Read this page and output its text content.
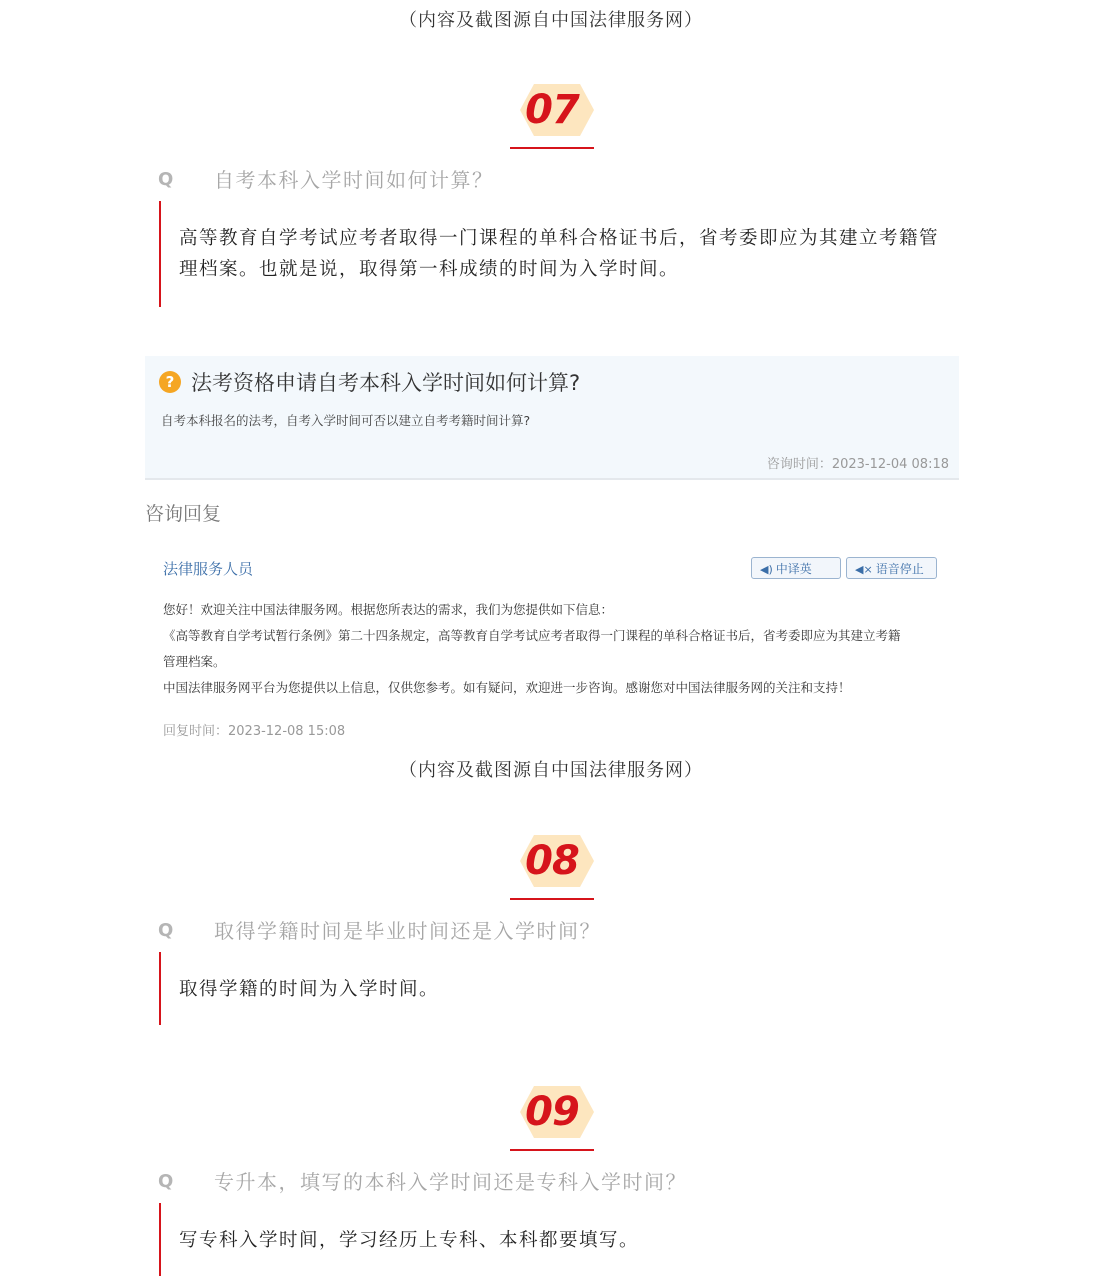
（内容及截图源自中国法律服务网）
07
Q 自考本科入学时间如何计算？
高等教育自学考试应考者取得一门课程的单科合格证书后，省考委即应为其建立考籍管理档案。也就是说，取得第一科成绩的时间为入学时间。
? 法考资格申请自考本科入学时间如何计算?
自考本科报名的法考，自考入学时间可否以建立自考考籍时间计算?
咨询时间：2023-12-04 08:18
咨询回复
法律服务人员	◀) 中译英	◀× 语音停止
您好！欢迎关注中国法律服务网。根据您所表达的需求，我们为您提供如下信息：
《高等教育自学考试暂行条例》第二十四条规定，高等教育自学考试应考者取得一门课程的单科合格证书后，省考委即应为其建立考籍
管理档案。
中国法律服务网平台为您提供以上信息，仅供您参考。如有疑问，欢迎进一步咨询。感谢您对中国法律服务网的关注和支持！
回复时间：2023-12-08 15:08
（内容及截图源自中国法律服务网）
08
Q 取得学籍时间是毕业时间还是入学时间？
取得学籍的时间为入学时间。
09
Q 专升本，填写的本科入学时间还是专科入学时间？
写专科入学时间，学习经历上专科、本科都要填写。
